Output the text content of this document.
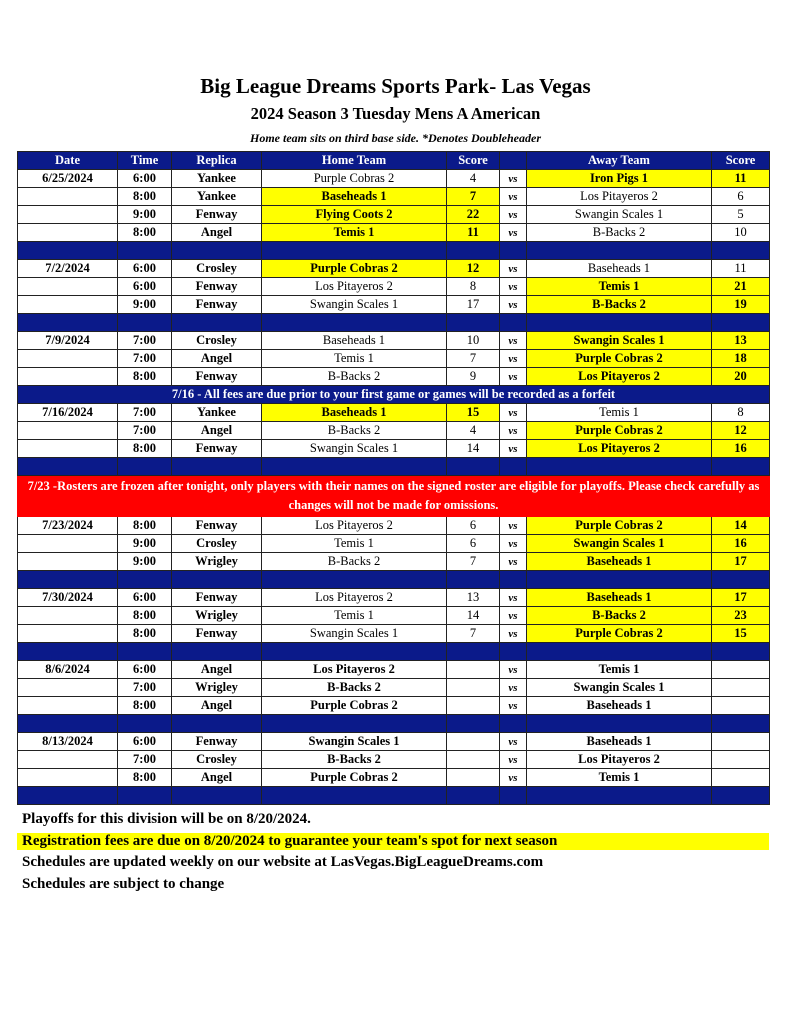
Big League Dreams Sports Park- Las Vegas
2024 Season 3 Tuesday Mens A American
Home team sits on third base side. *Denotes Doubleheader
Date	Time	Replica	Home Team	Score		Away Team	Score
6/25/2024	6:00	Yankee	Purple Cobras 2	4	vs	Iron Pigs 1	11
	8:00	Yankee	Baseheads 1	7	vs	Los Pitayeros 2	6
	9:00	Fenway	Flying Coots 2	22	vs	Swangin Scales 1	5
	8:00	Angel	Temis 1	11	vs	B-Backs 2	10

7/2/2024	6:00	Crosley	Purple Cobras 2	12	vs	Baseheads 1	11
	6:00	Fenway	Los Pitayeros 2	8	vs	Temis 1	21
	9:00	Fenway	Swangin Scales 1	17	vs	B-Backs 2	19

7/9/2024	7:00	Crosley	Baseheads 1	10	vs	Swangin Scales 1	13
	7:00	Angel	Temis 1	7	vs	Purple Cobras 2	18
	8:00	Fenway	B-Backs 2	9	vs	Los Pitayeros 2	20
7/16 - All fees are due prior to your first game or games will be recorded as a forfeit							
7/16/2024	7:00	Yankee	Baseheads 1	15	vs	Temis 1	8
	7:00	Angel	B-Backs 2	4	vs	Purple Cobras 2	12
	8:00	Fenway	Swangin Scales 1	14	vs	Los Pitayeros 2	16

7/23 -Rosters are frozen after tonight, only players with their names on the signed roster are eligible for playoffs. Please check carefully as changes will not be made for omissions.							
7/23/2024	8:00	Fenway	Los Pitayeros 2	6	vs	Purple Cobras 2	14
	9:00	Crosley	Temis 1	6	vs	Swangin Scales 1	16
	9:00	Wrigley	B-Backs 2	7	vs	Baseheads 1	17

7/30/2024	6:00	Fenway	Los Pitayeros 2	13	vs	Baseheads 1	17
	8:00	Wrigley	Temis 1	14	vs	B-Backs 2	23
	8:00	Fenway	Swangin Scales 1	7	vs	Purple Cobras 2	15

8/6/2024	6:00	Angel	Los Pitayeros 2		vs	Temis 1	
	7:00	Wrigley	B-Backs 2		vs	Swangin Scales 1	
	8:00	Angel	Purple Cobras 2		vs	Baseheads 1	

8/13/2024	6:00	Fenway	Swangin Scales 1		vs	Baseheads 1	
	7:00	Crosley	B-Backs 2		vs	Los Pitayeros 2	
	8:00	Angel	Purple Cobras 2		vs	Temis 1	

Playoffs for this division will be on 8/20/2024.
Registration fees are due on 8/20/2024 to guarantee your team's spot for next season
Schedules are updated weekly on our website at LasVegas.BigLeagueDreams.com
Schedules are subject to change
